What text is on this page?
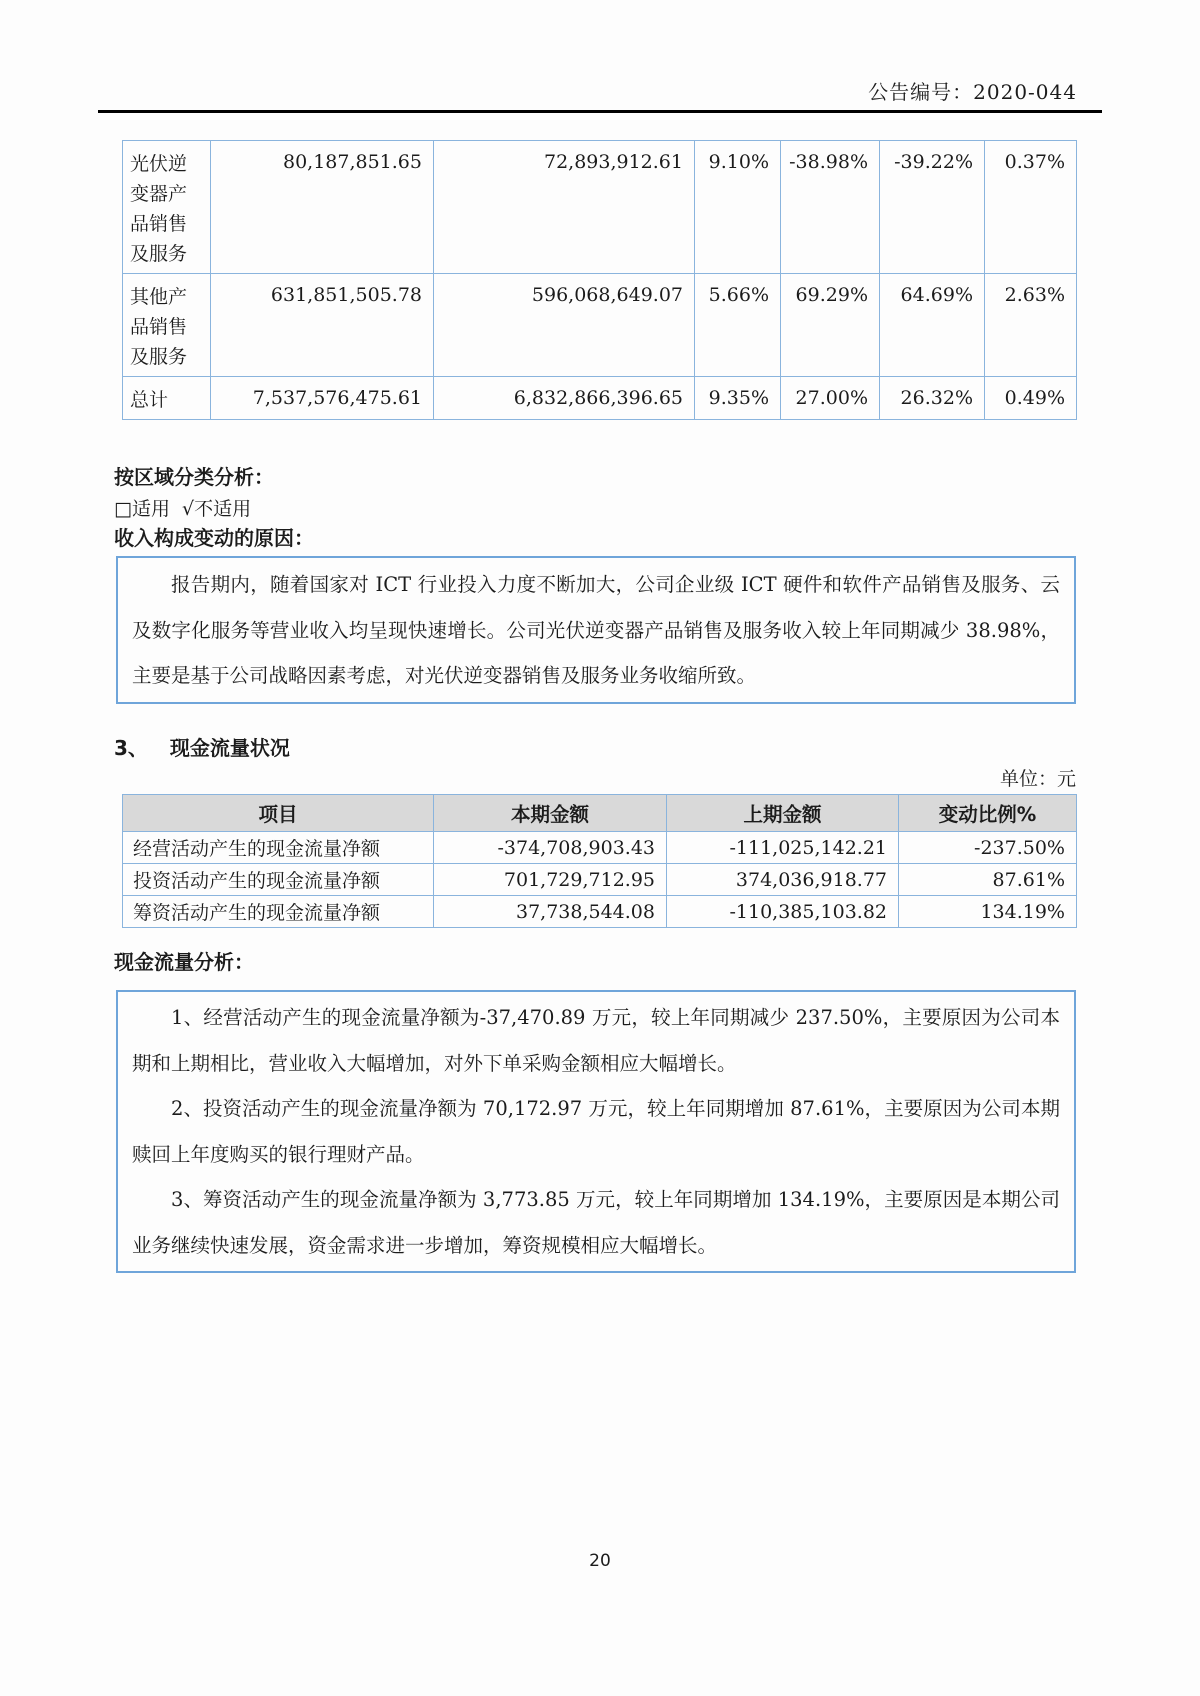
公告编号：2020-044
光伏逆变器产品销售及服务	80,187,851.65	72,893,912.61	9.10%	-38.98%	-39.22%	0.37%
其他产品销售及服务	631,851,505.78	596,068,649.07	5.66%	69.29%	64.69%	2.63%
总计	7,537,576,475.61	6,832,866,396.65	9.35%	27.00%	26.32%	0.49%
按区域分类分析：
□适用  √不适用
收入构成变动的原因：

报告期内，随着国家对 ICT 行业投入力度不断加大，公司企业级 ICT 硬件和软件产品销售及服务、云及数字化服务等营业收入均呈现快速增长。公司光伏逆变器产品销售及服务收入较上年同期减少 38.98%，主要是基于公司战略因素考虑，对光伏逆变器销售及服务业务收缩所致。

3、 现金流量状况
单位：元
项目	本期金额	上期金额	变动比例%
经营活动产生的现金流量净额	-374,708,903.43	-111,025,142.21	-237.50%
投资活动产生的现金流量净额	701,729,712.95	374,036,918.77	87.61%
筹资活动产生的现金流量净额	37,738,544.08	-110,385,103.82	134.19%
现金流量分析：

1、经营活动产生的现金流量净额为-37,470.89 万元，较上年同期减少 237.50%，主要原因为公司本期和上期相比，营业收入大幅增加，对外下单采购金额相应大幅增长。

2、投资活动产生的现金流量净额为 70,172.97 万元，较上年同期增加 87.61%，主要原因为公司本期赎回上年度购买的银行理财产品。

3、筹资活动产生的现金流量净额为 3,773.85 万元，较上年同期增加 134.19%，主要原因是本期公司业务继续快速发展，资金需求进一步增加，筹资规模相应大幅增长。

20
